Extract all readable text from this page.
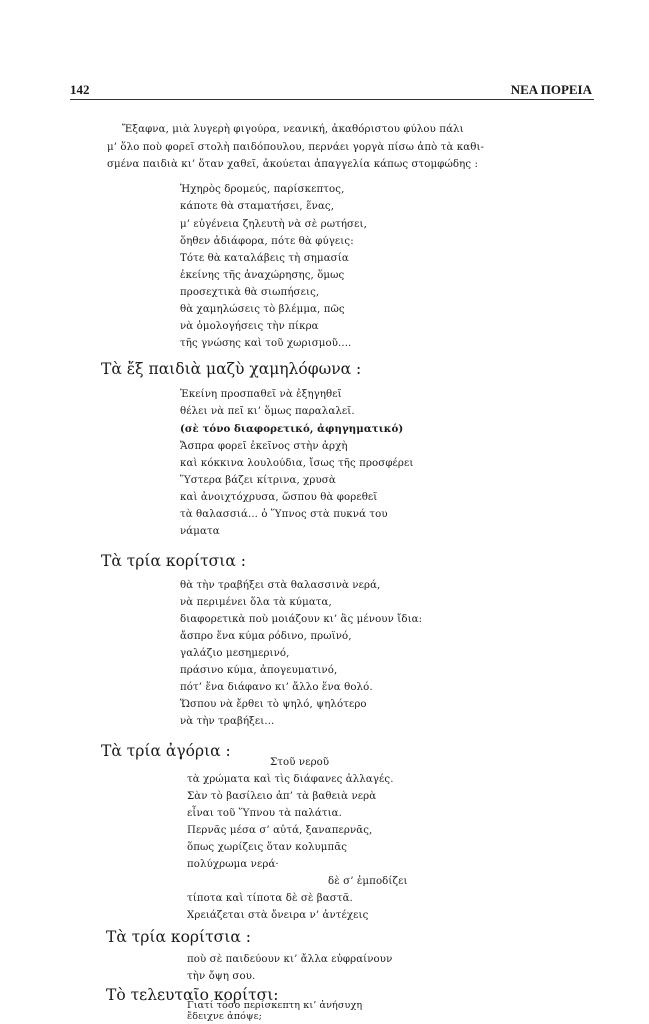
142	ΝΕΑ ΠΟΡΕΙΑ
Ἔξαφνα, μιὰ λυγερὴ φιγούρα, νεανική, ἀκαθόριστου φύλου πάλι
μ’ ὅλο ποὺ φορεῖ στολὴ παιδόπουλου, περνάει γοργὰ πίσω ἀπὸ τὰ καθι-
σμένα παιδιὰ κι’ ὅταν χαθεῖ, ἀκούεται ἀπαγγελία κάπως στομφώδης :
Ἠχηρὸς δρομεύς, παρίσκεπτος,
κάποτε θὰ σταματήσει, ἕνας,
μ’ εὐγένεια ζηλευτὴ νὰ σὲ ρωτήσει,
ὅηθεν ἀδιάφορα, πότε θὰ φύγεις:
Τότε θὰ καταλάβεις τὴ σημασία
ἐκείνης τῆς ἀναχώρησης, ὅμως
προσεχτικὰ θὰ σιωπήσεις,
θὰ χαμηλώσεις τὸ βλέμμα, πῶς
νὰ ὁμολογήσεις τὴν πίκρα
τῆς γνώσης καὶ τοῦ χωρισμοῦ....
Τὰ ἔξ παιδιὰ μαζὺ χαμηλόφωνα :
Ἐκείνη προσπαθεῖ νὰ ἐξηγηθεῖ
θέλει νὰ πεῖ κι’ ὅμως παραλαλεῖ.
(σὲ τόνο διαφορετικό, ἀφηγηματικό)
Ἄσπρα φορεῖ ἐκεῖνος στὴν ἀρχὴ
καὶ κόκκινα λουλούδια, ἴσως τῆς προσφέρει
Ὕστερα βάζει κίτρινα, χρυσὰ
καὶ ἀνοιχτόχρυσα, ὥσπου θὰ φορεθεῖ
τὰ θαλασσιά... ὁ Ὕπνος στὰ πυκνά του
νάματα
Τὰ τρία κορίτσια :
θὰ τὴν τραβήξει στὰ θαλασσινὰ νερά,
νὰ περιμένει ὅλα τὰ κύματα,
διαφορετικὰ ποὺ μοιάζουν κι’ ἂς μένουν ἴδια:
ἄσπρο ἕνα κύμα ρόδινο, πρωϊνό,
γαλάζιο μεσημερινό,
πράσινο κύμα, ἀπογευματινό,
πότ’ ἕνα διάφανο κι’ ἄλλο ἕνα θολό.
Ὥσπου νὰ ἔρθει τὸ ψηλό, ψηλότερο
νὰ τὴν τραβήξει...
Τὰ τρία ἀγόρια :
Στοῦ νεροῦ
τὰ χρώματα καὶ τὶς διάφανες ἀλλαγές.
Σὰν τὸ βασίλειο ἀπ’ τὰ βαθειὰ νερὰ
εἶναι τοῦ Ὕπνου τὰ παλάτια.
Περνᾶς μέσα σ’ αὐτά, ξαναπερνᾶς,
ὅπως χωρίζεις ὅταν κολυμπᾶς
πολύχρωμα νερά·
δὲ σ’ ἐμποδίζει
τίποτα καὶ τίποτα δὲ σὲ βαστᾶ.
Χρειάζεται στὰ ὄνειρα ν’ ἀντέχεις
Τὰ τρία κορίτσια :
ποὺ σὲ παιδεύουν κι’ ἄλλα εὐφραίνουν
τὴν ὄψη σου.
Τὸ τελευταῖο κορίτσι:
Γιατί τόσο περίσκεπτη κι’ ἀνήσυχη
ἔδειχνε ἀπόψε;
